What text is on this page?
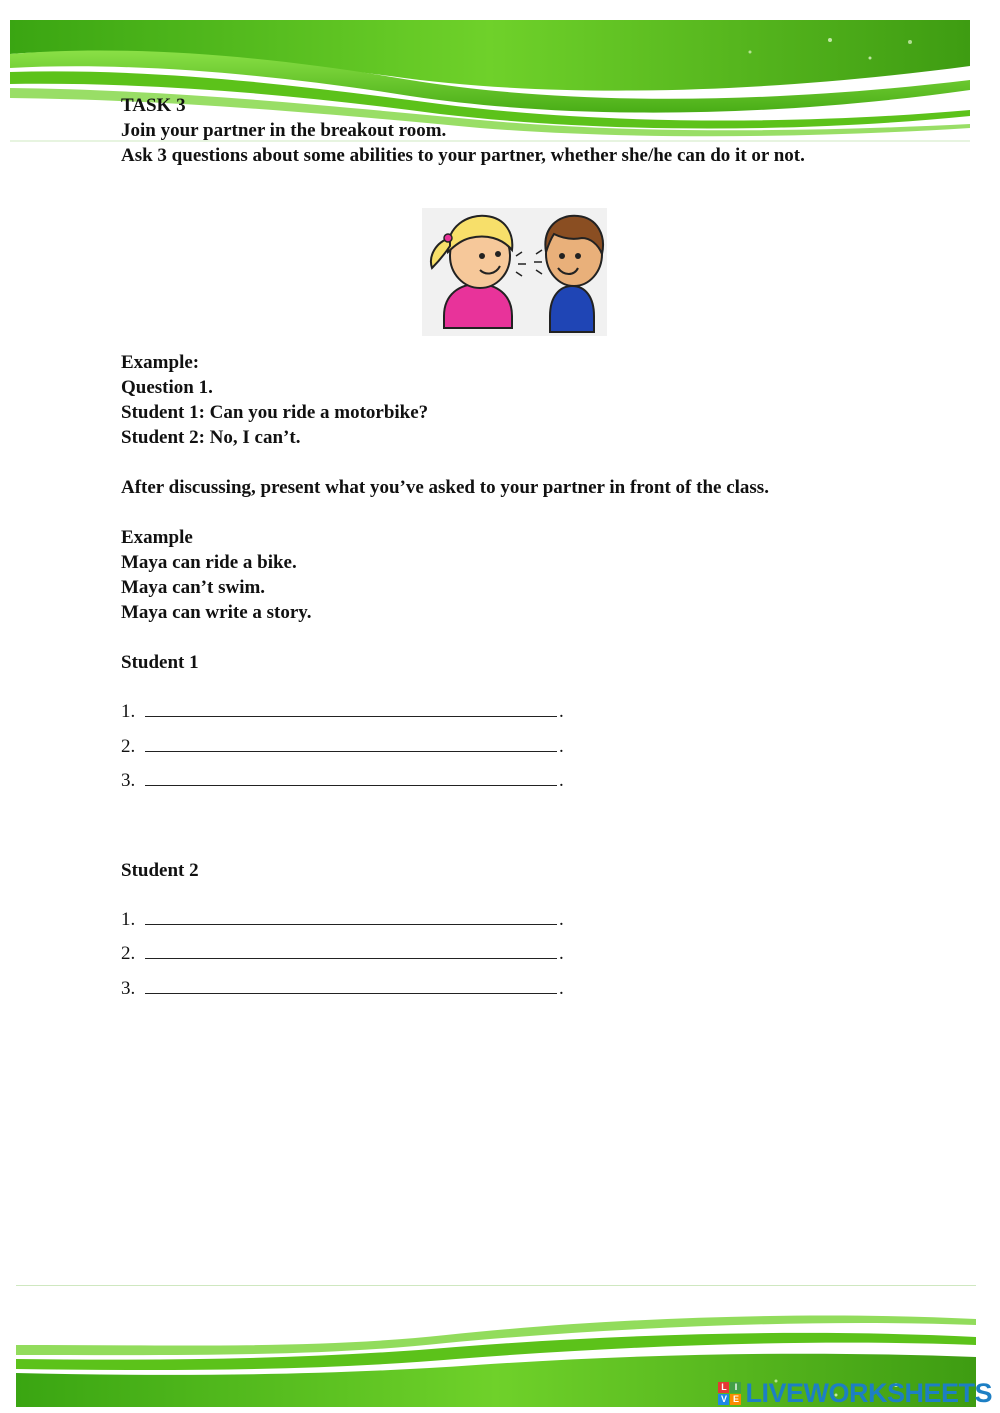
TASK 3

Join your partner in the breakout room.

Ask 3 questions about some abilities to your partner, whether she/he can do it or not.

Example:

Question 1.

Student 1: Can you ride a motorbike?

Student 2: No, I can’t.

After discussing, present what you’ve asked to your partner in front of the class.

Example

Maya can ride a bike.

Maya can’t swim.

Maya can write a story.

Student 1

1.	.
2.	.
3.	.

Student 2

1.	.
2.	.
3.	.
L I
V E LIVEWORKSHEETS
